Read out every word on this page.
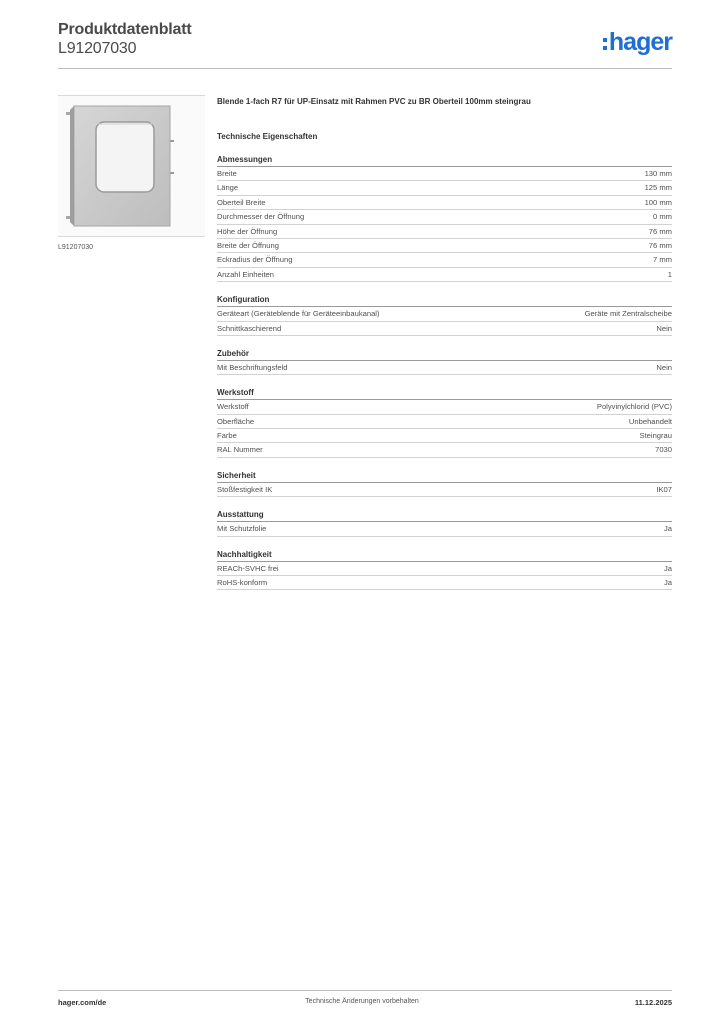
Produktdatenblatt
L91207030	hager
L91207030
Blende 1-fach R7 für UP-Einsatz mit Rahmen PVC zu BR Oberteil 100mm steingrau
Technische Eigenschaften
Abmessungen
Breite	130 mm
Länge	125 mm
Oberteil Breite	100 mm
Durchmesser der Öffnung	0 mm
Höhe der Öffnung	76 mm
Breite der Öffnung	76 mm
Eckradius der Öffnung	7 mm
Anzahl Einheiten	1
Konfiguration
Geräteart (Geräteblende für Geräteeinbaukanal)	Geräte mit Zentralscheibe
Schnittkaschierend	Nein
Zubehör
Mit Beschriftungsfeld	Nein
Werkstoff
Werkstoff	Polyvinylchlorid (PVC)
Oberfläche	Unbehandelt
Farbe	Steingrau
RAL Nummer	7030
Sicherheit
Stoßfestigkeit IK	IK07
Ausstattung
Mit Schutzfolie	Ja
Nachhaltigkeit
REACh-SVHC frei	Ja
RoHS-konform	Ja
hager.com/de	Technische Änderungen vorbehalten	11.12.2025
